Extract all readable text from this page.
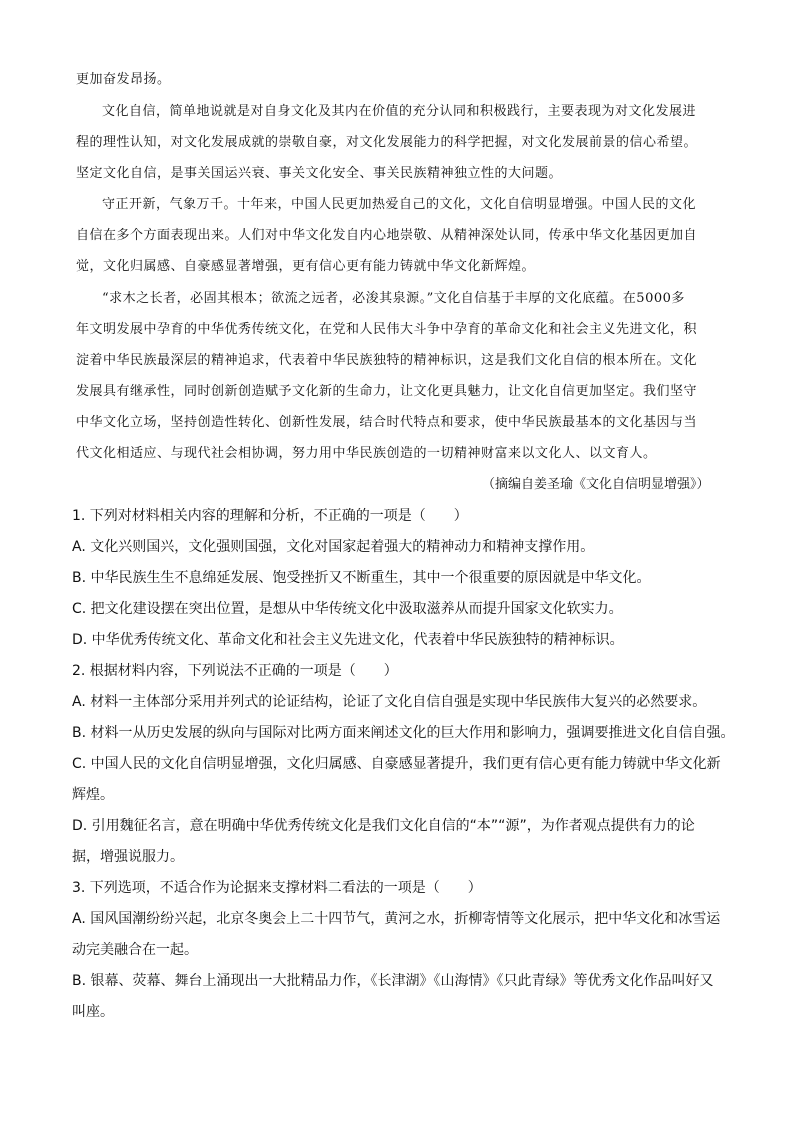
更加奋发昂扬。
文化自信，简单地说就是对自身文化及其内在价值的充分认同和积极践行，主要表现为对文化发展进
程的理性认知，对文化发展成就的崇敬自豪，对文化发展能力的科学把握，对文化发展前景的信心希望。
坚定文化自信，是事关国运兴衰、事关文化安全、事关民族精神独立性的大问题。
守正开新，气象万千。十年来，中国人民更加热爱自己的文化，文化自信明显增强。中国人民的文化
自信在多个方面表现出来。人们对中华文化发自内心地崇敬、从精神深处认同，传承中华文化基因更加自
觉，文化归属感、自豪感显著增强，更有信心更有能力铸就中华文化新辉煌。
“求木之长者，必固其根本；欲流之远者，必浚其泉源。”文化自信基于丰厚的文化底蕴。在5000多
年文明发展中孕育的中华优秀传统文化，在党和人民伟大斗争中孕育的革命文化和社会主义先进文化，积
淀着中华民族最深层的精神追求，代表着中华民族独特的精神标识，这是我们文化自信的根本所在。文化
发展具有继承性，同时创新创造赋予文化新的生命力，让文化更具魅力，让文化自信更加坚定。我们坚守
中华文化立场，坚持创造性转化、创新性发展，结合时代特点和要求，使中华民族最基本的文化基因与当
代文化相适应、与现代社会相协调，努力用中华民族创造的一切精神财富来以文化人、以文育人。
（摘编自姜圣瑜《文化自信明显增强》）
1. 下列对材料相关内容的理解和分析，不正确的一项是（　　）
A. 文化兴则国兴，文化强则国强，文化对国家起着强大的精神动力和精神支撑作用。
B. 中华民族生生不息绵延发展、饱受挫折又不断重生，其中一个很重要的原因就是中华文化。
C. 把文化建设摆在突出位置，是想从中华传统文化中汲取滋养从而提升国家文化软实力。
D. 中华优秀传统文化、革命文化和社会主义先进文化，代表着中华民族独特的精神标识。
2. 根据材料内容，下列说法不正确的一项是（　　）
A. 材料一主体部分采用并列式的论证结构，论证了文化自信自强是实现中华民族伟大复兴的必然要求。
B. 材料一从历史发展的纵向与国际对比两方面来阐述文化的巨大作用和影响力，强调要推进文化自信自强。
C. 中国人民的文化自信明显增强，文化归属感、自豪感显著提升，我们更有信心更有能力铸就中华文化新
辉煌。
D. 引用魏征名言，意在明确中华优秀传统文化是我们文化自信的“本”“源”，为作者观点提供有力的论
据，增强说服力。
3. 下列选项，不适合作为论据来支撑材料二看法的一项是（　　）
A. 国风国潮纷纷兴起，北京冬奥会上二十四节气，黄河之水，折柳寄情等文化展示，把中华文化和冰雪运
动完美融合在一起。
B. 银幕、荧幕、舞台上涌现出一大批精品力作，《长津湖》《山海情》《只此青绿》等优秀文化作品叫好又
叫座。
